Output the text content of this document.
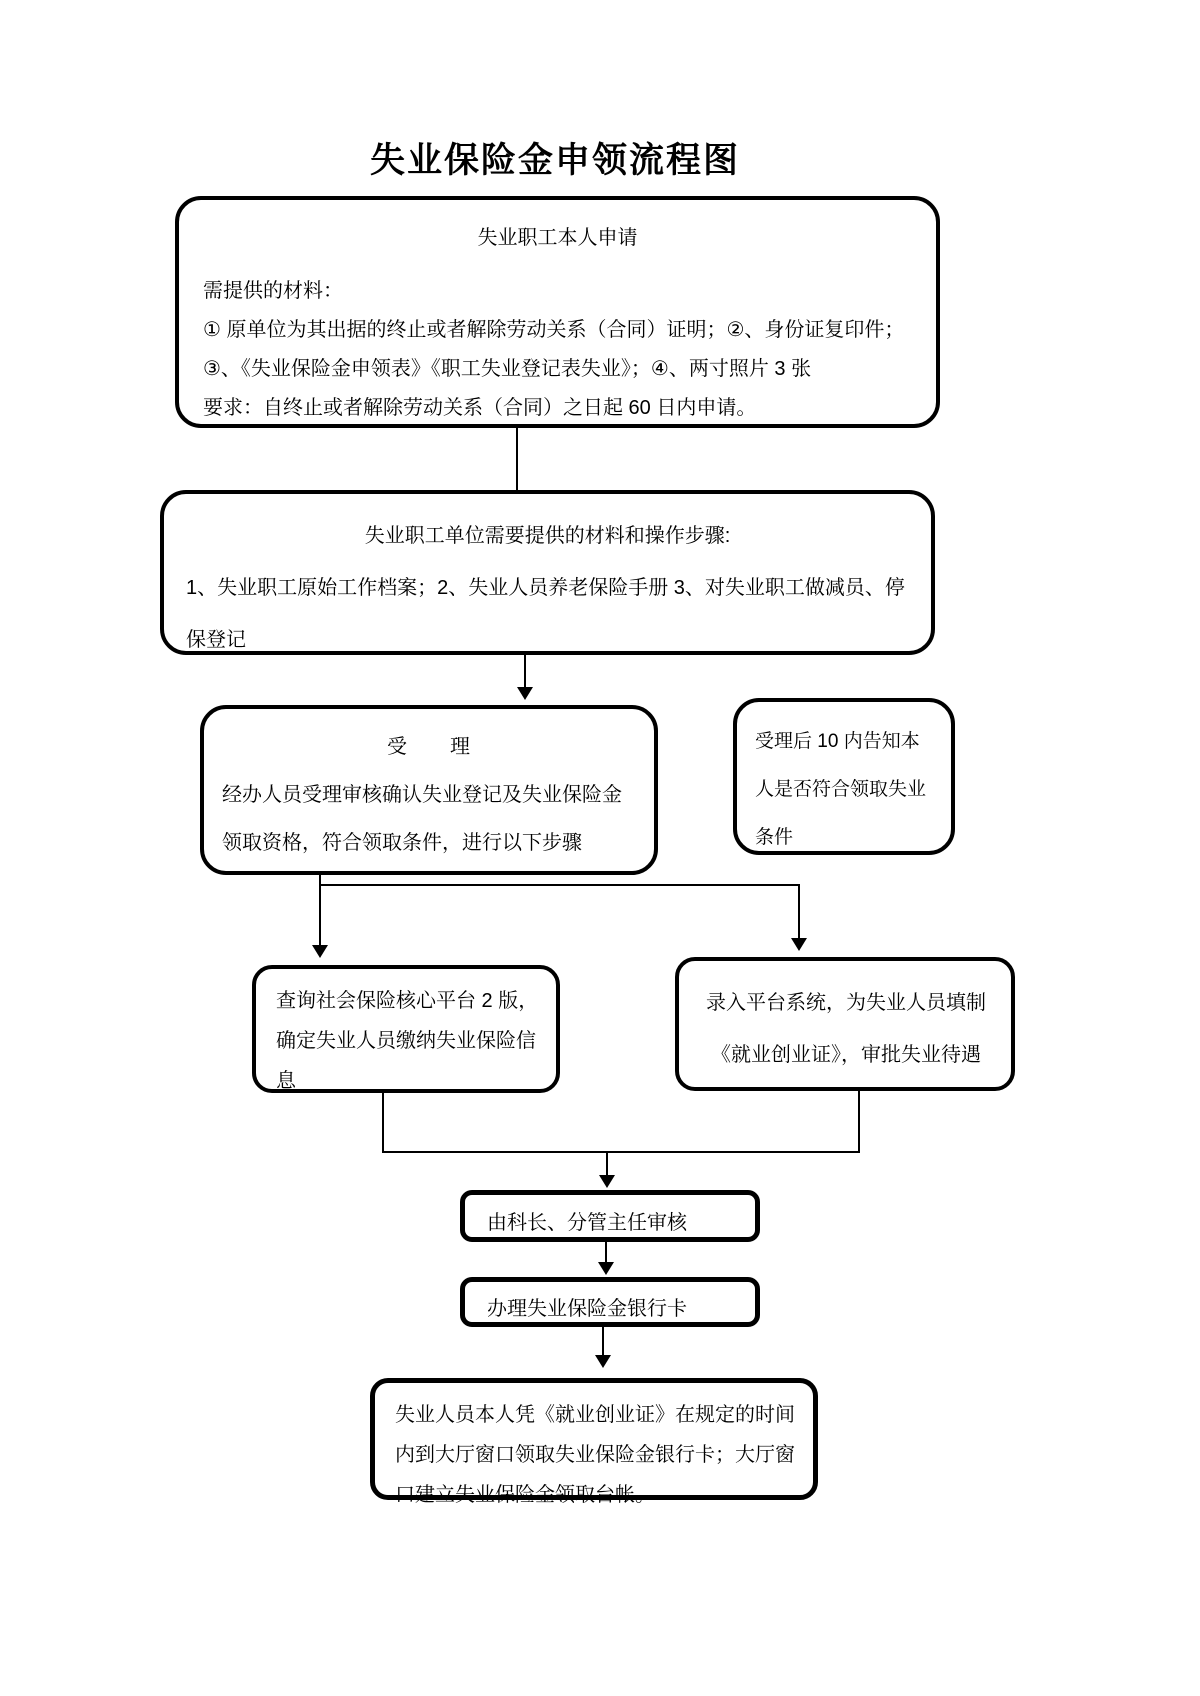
失业保险金申领流程图
失业职工本人申请
需提供的材料：
① 原单位为其出据的终止或者解除劳动关系（合同）证明；②、身份证复印件；
③、《失业保险金申领表》《职工失业登记表失业》；④、两寸照片 3 张
要求：自终止或者解除劳动关系（合同）之日起 60 日内申请。
失业职工单位需要提供的材料和操作步骤:
1、失业职工原始工作档案；2、失业人员养老保险手册 3、对失业职工做减员、停保登记
受　　理
经办人员受理审核确认失业登记及失业保险金领取资格，符合领取条件，进行以下步骤
受理后 10 内告知本人是否符合领取失业条件
查询社会保险核心平台 2 版，确定失业人员缴纳失业保险信息
录入平台系统，为失业人员填制《就业创业证》，审批失业待遇
由科长、分管主任审核
办理失业保险金银行卡
失业人员本人凭《就业创业证》在规定的时间内到大厅窗口领取失业保险金银行卡；大厅窗口建立失业保险金领取台帐。
